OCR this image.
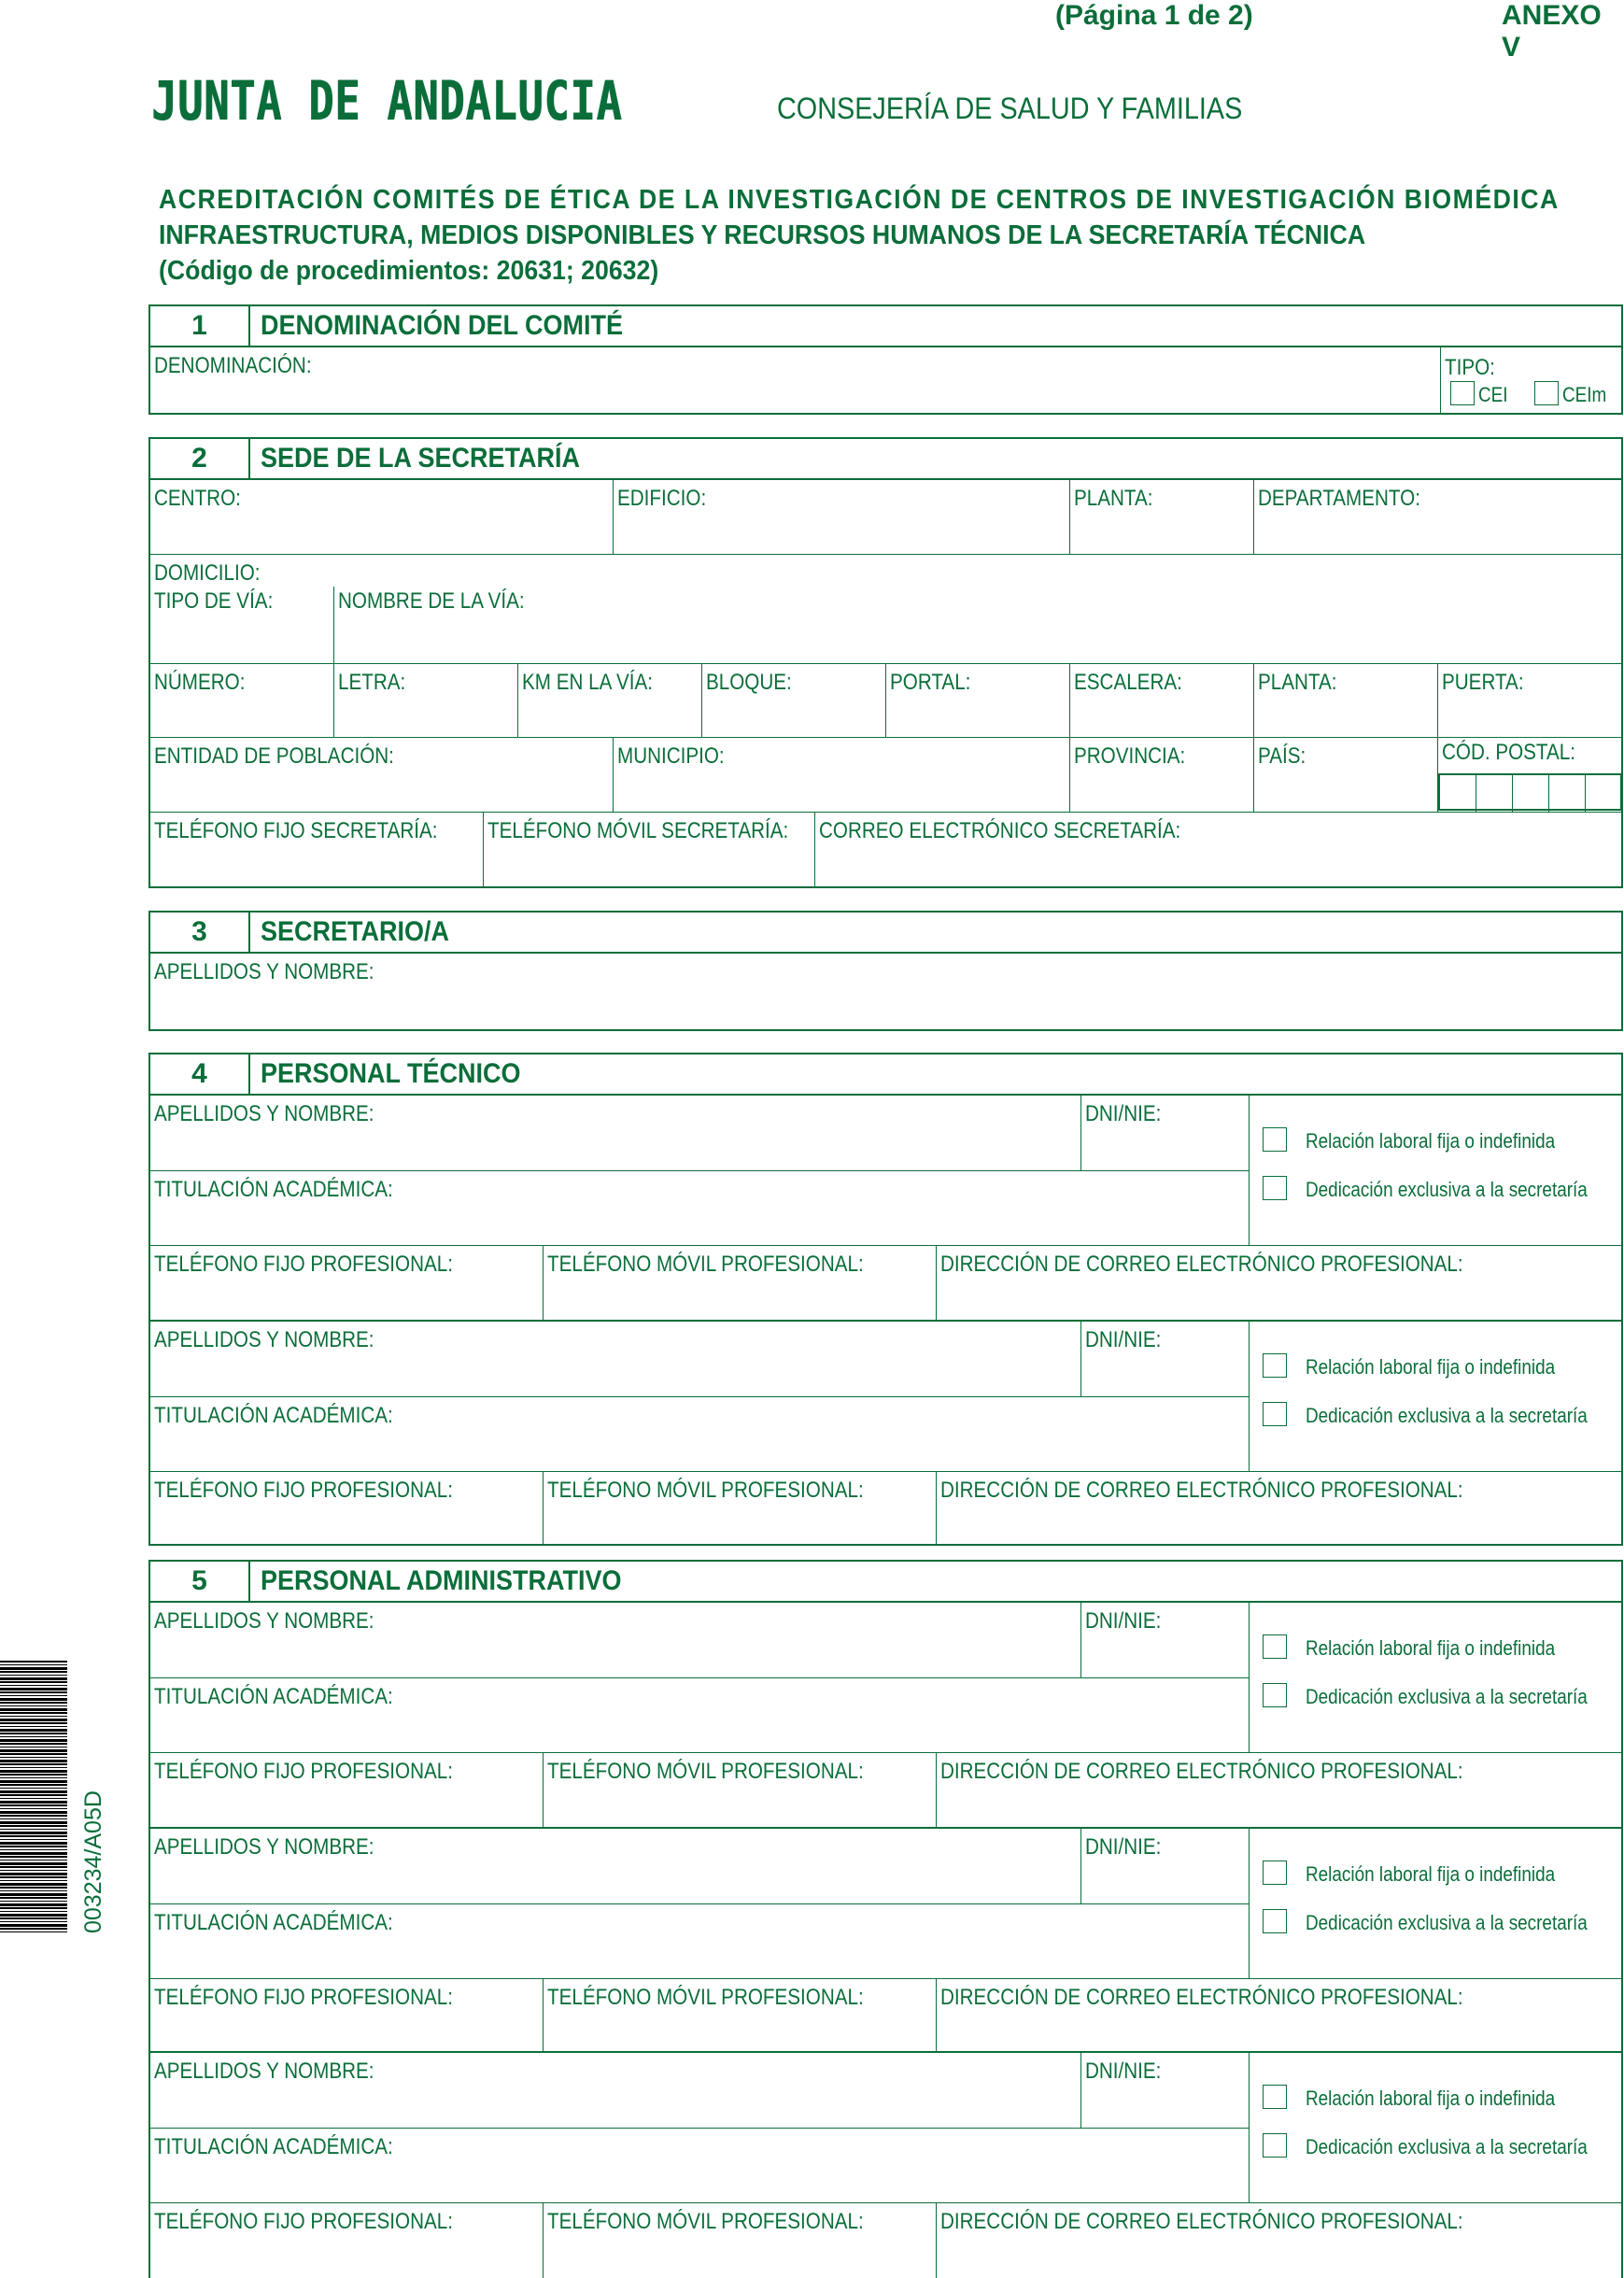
(Página 1 de 2)	ANEXO V
JUNTA DE ANDALUCIA	CONSEJERÍA DE SALUD Y FAMILIAS
ACREDITACIÓN COMITÉS DE ÉTICA DE LA INVESTIGACIÓN DE CENTROS DE INVESTIGACIÓN BIOMÉDICA
INFRAESTRUCTURA, MEDIOS DISPONIBLES Y RECURSOS HUMANOS DE LA SECRETARÍA TÉCNICA
(Código de procedimientos: 20631; 20632)
1	DENOMINACIÓN DEL COMITÉ
DENOMINACIÓN:	TIPO:
CEI	CEIm
2	SEDE DE LA SECRETARÍA
CENTRO:	EDIFICIO:	PLANTA:	DEPARTAMENTO:
DOMICILIO:
TIPO DE VÍA:	NOMBRE DE LA VÍA:
NÚMERO:	LETRA:	KM EN LA VÍA: BLOQUE:	PORTAL:	ESCALERA:	PLANTA:	PUERTA:
ENTIDAD DE POBLACIÓN:	MUNICIPIO:	PROVINCIA:	PAÍS:	CÓD. POSTAL:
TELÉFONO FIJO SECRETARÍA: TELÉFONO MÓVIL SECRETARÍA: CORREO ELECTRÓNICO SECRETARÍA:
3	SECRETARIO/A
APELLIDOS Y NOMBRE:
4	PERSONAL TÉCNICO
APELLIDOS Y NOMBRE:	DNI/NIE:
Relación laboral fija o indefinida
Dedicación exclusiva a la secretaría
TITULACIÓN ACADÉMICA:
TELÉFONO FIJO PROFESIONAL:	TELÉFONO MÓVIL PROFESIONAL:	DIRECCIÓN DE CORREO ELECTRÓNICO PROFESIONAL:
APELLIDOS Y NOMBRE:	DNI/NIE:
Relación laboral fija o indefinida
Dedicación exclusiva a la secretaría
TITULACIÓN ACADÉMICA:
TELÉFONO FIJO PROFESIONAL:	TELÉFONO MÓVIL PROFESIONAL:	DIRECCIÓN DE CORREO ELECTRÓNICO PROFESIONAL:
5	PERSONAL ADMINISTRATIVO
APELLIDOS Y NOMBRE:	DNI/NIE:
Relación laboral fija o indefinida
Dedicación exclusiva a la secretaría
TITULACIÓN ACADÉMICA:
TELÉFONO FIJO PROFESIONAL:	TELÉFONO MÓVIL PROFESIONAL:	DIRECCIÓN DE CORREO ELECTRÓNICO PROFESIONAL:
APELLIDOS Y NOMBRE:	DNI/NIE:
Relación laboral fija o indefinida
Dedicación exclusiva a la secretaría
TITULACIÓN ACADÉMICA:
TELÉFONO FIJO PROFESIONAL:	TELÉFONO MÓVIL PROFESIONAL:	DIRECCIÓN DE CORREO ELECTRÓNICO PROFESIONAL:
APELLIDOS Y NOMBRE:	DNI/NIE:
Relación laboral fija o indefinida
Dedicación exclusiva a la secretaría
TITULACIÓN ACADÉMICA:
TELÉFONO FIJO PROFESIONAL:	TELÉFONO MÓVIL PROFESIONAL:	DIRECCIÓN DE CORREO ELECTRÓNICO PROFESIONAL:
003234/A05D
